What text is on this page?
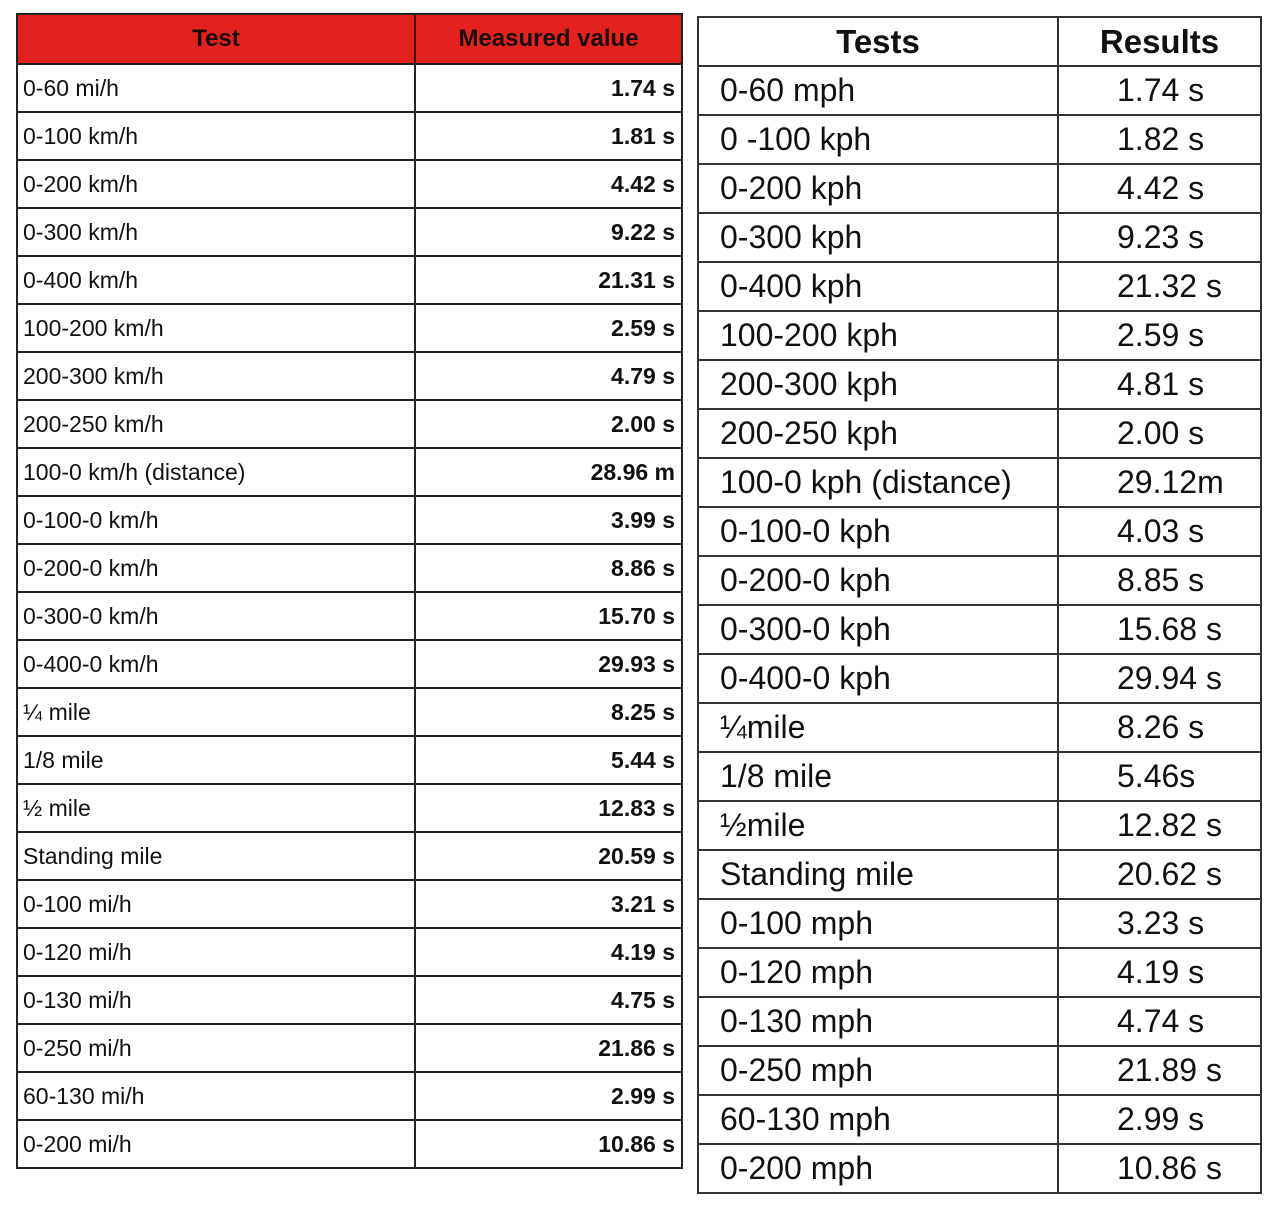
Test	Measured value
0-60 mi/h	1.74 s
0-100 km/h	1.81 s
0-200 km/h	4.42 s
0-300 km/h	9.22 s
0-400 km/h	21.31 s
100-200 km/h	2.59 s
200-300 km/h	4.79 s
200-250 km/h	2.00 s
100-0 km/h (distance)	28.96 m
0-100-0 km/h	3.99 s
0-200-0 km/h	8.86 s
0-300-0 km/h	15.70 s
0-400-0 km/h	29.93 s
¼ mile	8.25 s
1/8 mile	5.44 s
½ mile	12.83 s
Standing mile	20.59 s
0-100 mi/h	3.21 s
0-120 mi/h	4.19 s
0-130 mi/h	4.75 s
0-250 mi/h	21.86 s
60-130 mi/h	2.99 s
0-200 mi/h	10.86 s
Tests	Results
0-60 mph	1.74 s
0 -100 kph	1.82 s
0-200 kph	4.42 s
0-300 kph	9.23 s
0-400 kph	21.32 s
100-200 kph	2.59 s
200-300 kph	4.81 s
200-250 kph	2.00 s
100-0 kph (distance)	29.12m
0-100-0 kph	4.03 s
0-200-0 kph	8.85 s
0-300-0 kph	15.68 s
0-400-0 kph	29.94 s
¼mile	8.26 s
1/8 mile	5.46s
½mile	12.82 s
Standing mile	20.62 s
0-100 mph	3.23 s
0-120 mph	4.19 s
0-130 mph	4.74 s
0-250 mph	21.89 s
60-130 mph	2.99 s
0-200 mph	10.86 s
